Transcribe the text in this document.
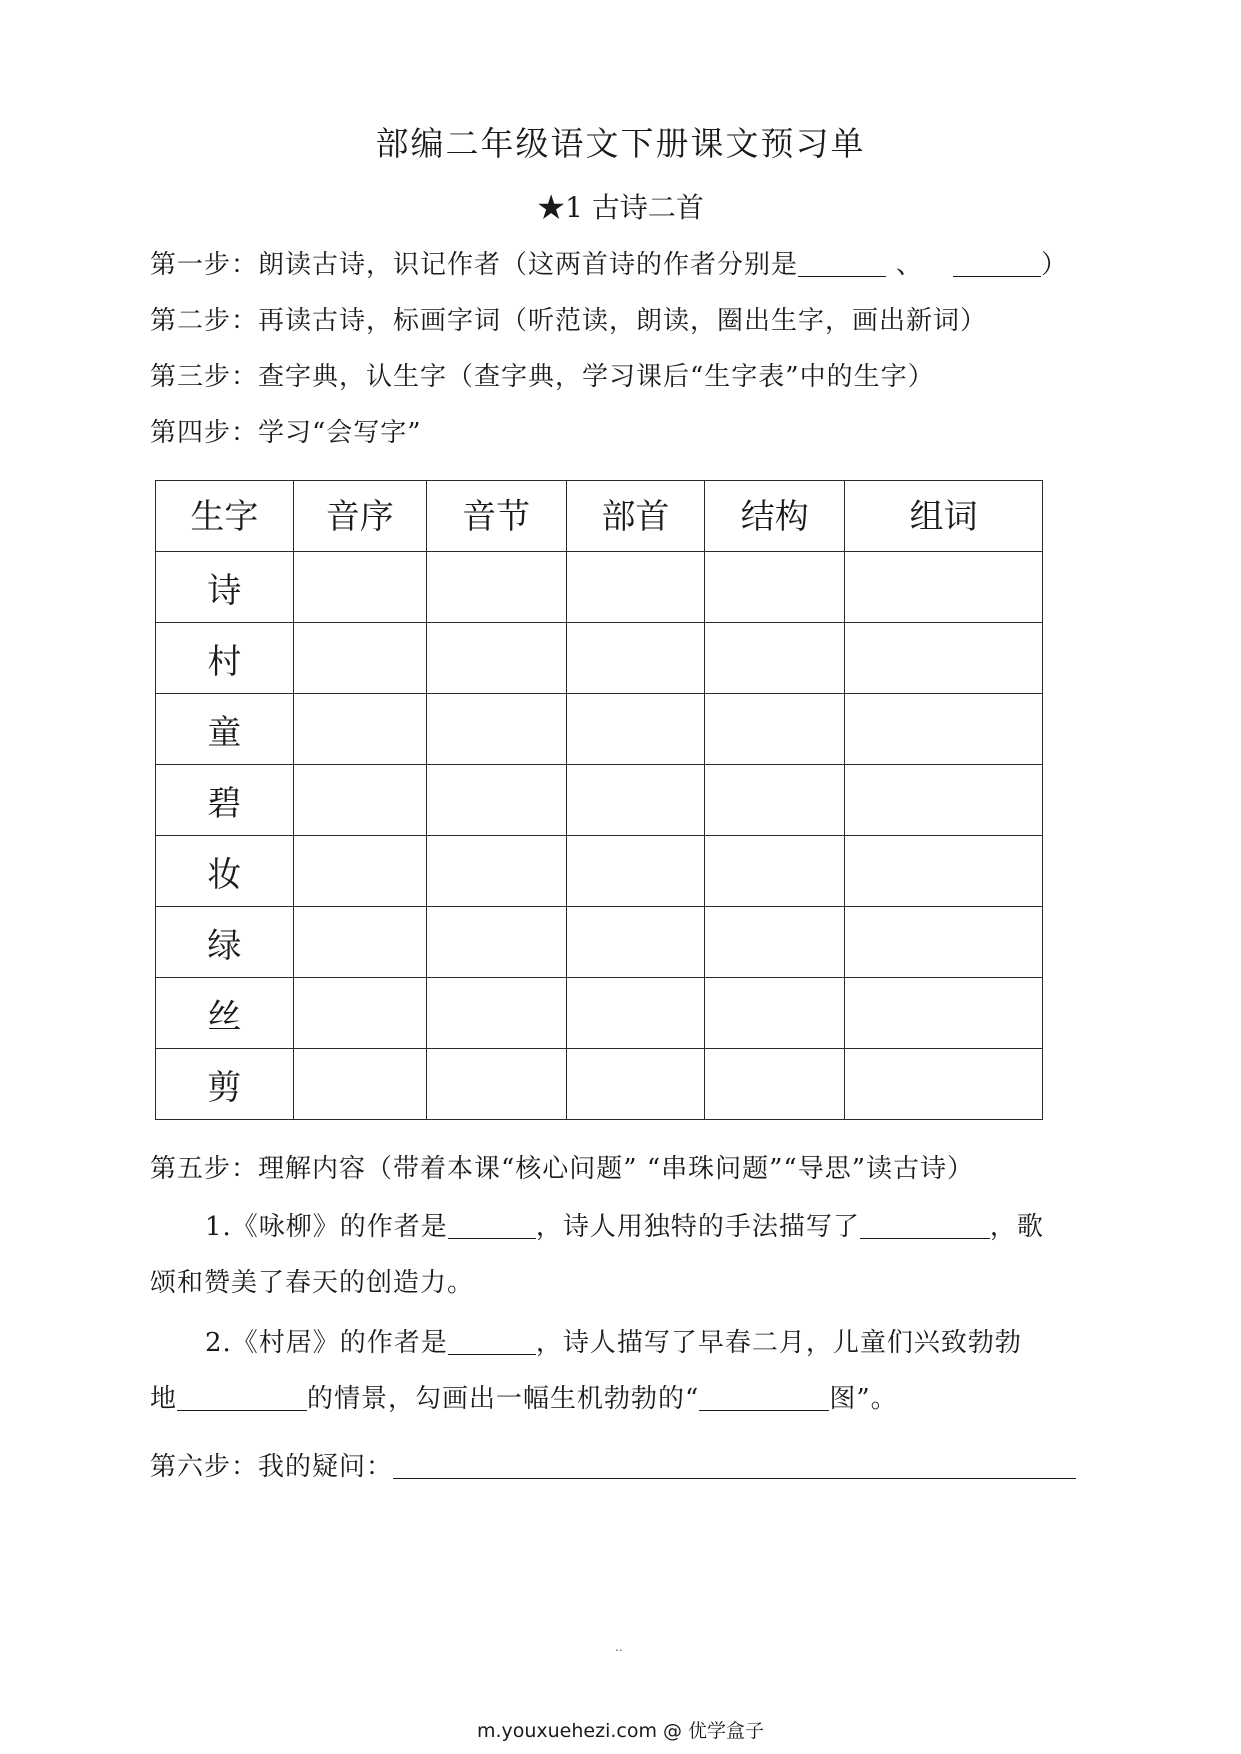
部编二年级语文下册课文预习单
★1 古诗二首
第一步：朗读古诗，识记作者（这两首诗的作者分别是	、	）
第二步：再读古诗，标画字词（听范读，朗读，圈出生字，画出新词）
第三步：查字典，认生字（查字典，学习课后“生字表”中的生字）
第四步：学习“会写字”
生字	音序	音节	部首	结构	组词
诗					
村					
童					
碧					
妆					
绿					
丝					
剪					
第五步：理解内容（带着本课“核心问题” “串珠问题”“导思”读古诗）
1.《咏柳》的作者是	，诗人用独特的手法描写了	，歌
颂和赞美了春天的创造力。
2.《村居》的作者是	，诗人描写了早春二月，儿童们兴致勃勃
地	的情景，勾画出一幅生机勃勃的“	图”。
第六步：我的疑问：
..
m.youxuehezi.com @ 优学盒子
